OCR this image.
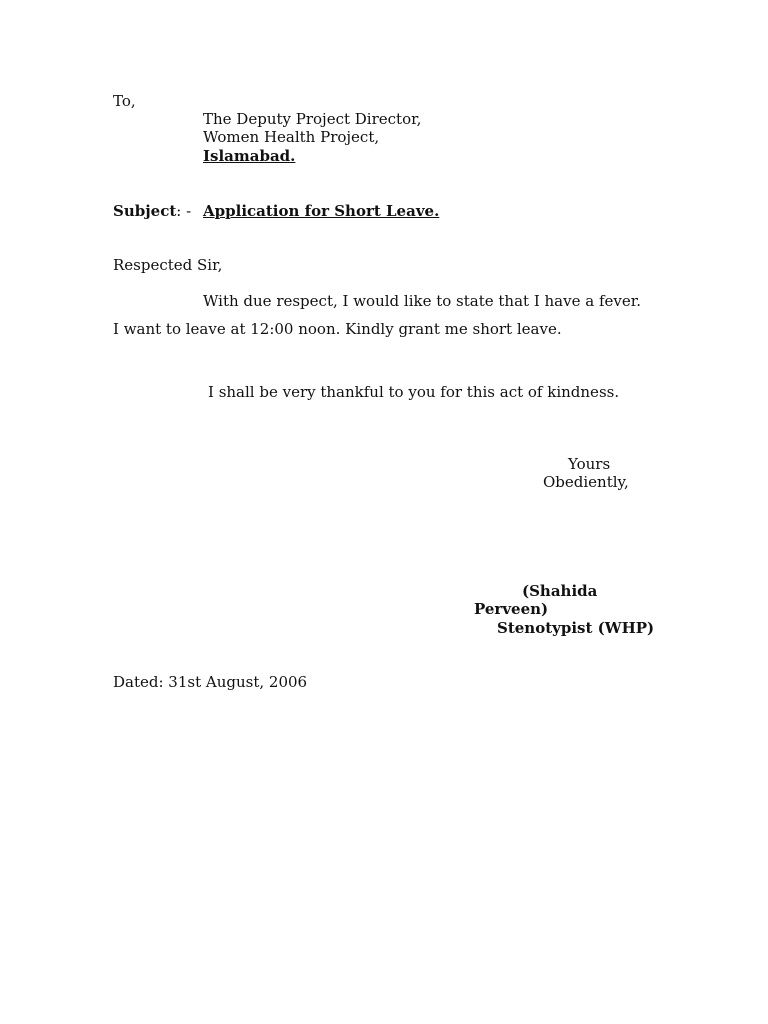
To,
The Deputy Project Director,
Women Health Project,
Islamabad.
Subject: - Application for Short Leave.
Respected Sir,
With due respect, I would like to state that I have a fever.
I want to leave at 12:00 noon. Kindly grant me short leave.
I shall be very thankful to you for this act of kindness.
Yours
Obediently,
(Shahida
Perveen)
Stenotypist (WHP)
Dated: 31st August, 2006
